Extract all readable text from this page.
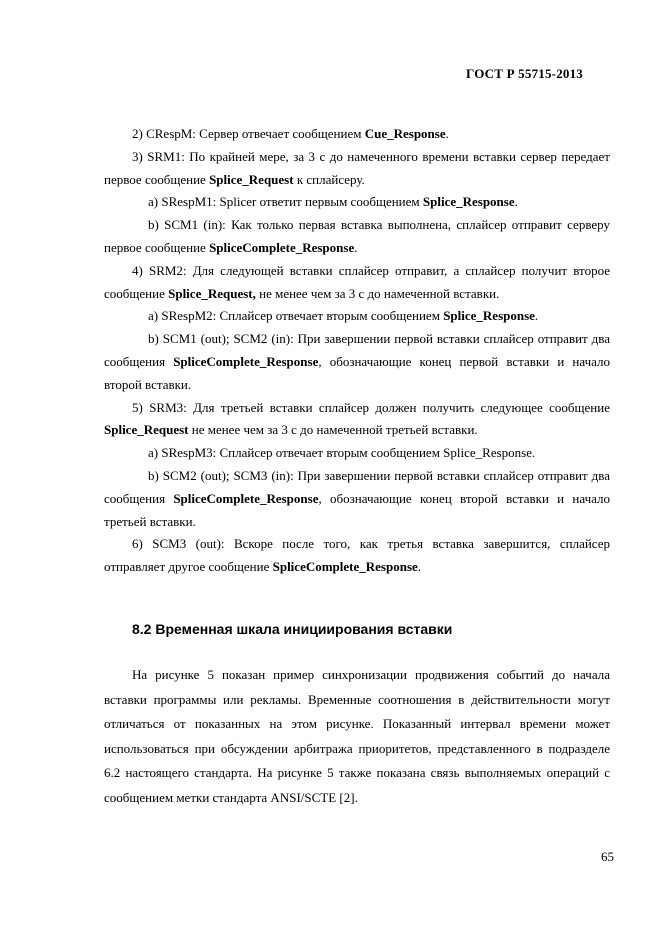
ГОСТ Р 55715-2013

2) CRespM: Сервер отвечает сообщением Cue_Response.

3) SRM1: По крайней мере, за 3 с до намеченного времени вставки сервер передает первое сообщение Splice_Request к сплайсеру.

a) SRespM1: Splicer ответит первым сообщением Splice_Response.

b) SCM1 (in): Как только первая вставка выполнена, сплайсер отправит серверу первое сообщение SpliceComplete_Response.

4) SRM2: Для следующей вставки сплайсер отправит, а сплайсер получит второе сообщение Splice_Request, не менее чем за 3 с до намеченной вставки.

a) SRespM2: Сплайсер отвечает вторым сообщением Splice_Response.

b) SCM1 (out); SCM2 (in): При завершении первой вставки сплайсер отправит два сообщения SpliceComplete_Response, обозначающие конец первой вставки и начало второй вставки.

5) SRM3: Для третьей вставки сплайсер должен получить следующее сообщение Splice_Request не менее чем за 3 с до намеченной третьей вставки.

a) SRespM3: Сплайсер отвечает вторым сообщением Splice_Response.

b) SCM2 (out); SCM3 (in): При завершении первой вставки сплайсер отправит два сообщения SpliceComplete_Response, обозначающие конец второй вставки и начало третьей вставки.

6) SCM3 (out): Вскоре после того, как третья вставка завершится, сплайсер отправляет другое сообщение SpliceComplete_Response.

8.2 Временная шкала инициирования вставки

На рисунке 5 показан пример синхронизации продвижения событий до начала вставки программы или рекламы. Временные соотношения в действительности могут отличаться от показанных на этом рисунке. Показанный интервал времени может использоваться при обсуждении арбитража приоритетов, представленного в подразделе 6.2 настоящего стандарта. На рисунке 5 также показана связь выполняемых операций с сообщением метки стандарта ANSI/SCTE [2].

65
